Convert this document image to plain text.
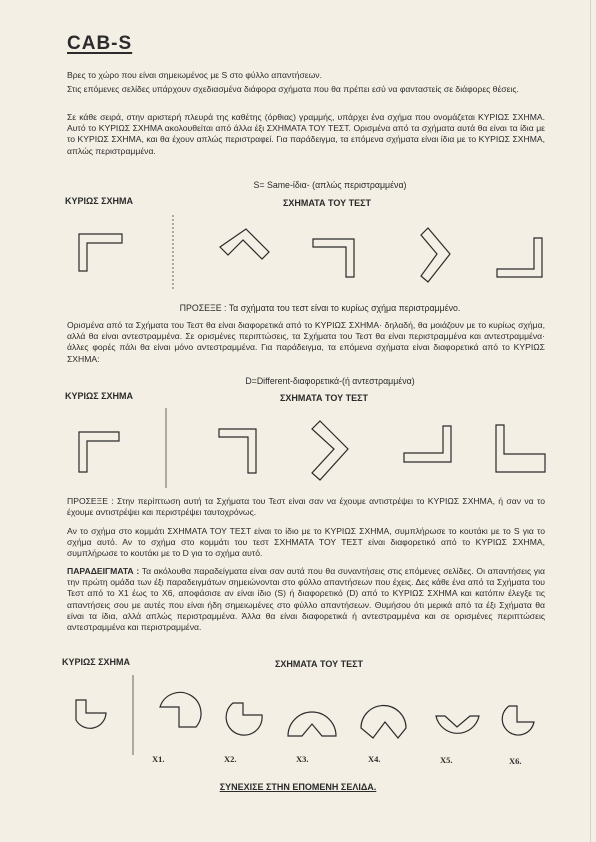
CAB-S
Βρες το χώρο που είναι σημειωμένος με S στο φύλλο απαντήσεων.
Στις επόμενες σελίδες υπάρχουν σχεδιασμένα διάφορα σχήματα που θα πρέπει εσύ να φανταστείς σε διάφορες θέσεις.
Σε κάθε σειρά, στην αριστερή πλευρά της καθέτης (όρθιας) γραμμής, υπάρχει ένα σχήμα που ονομάζεται ΚΥΡΙΩΣ ΣΧΗΜΑ. Αυτό το ΚΥΡΙΩΣ ΣΧΗΜΑ ακολουθείται από άλλα έξι ΣΧΗΜΑΤΑ ΤΟΥ ΤΕΣΤ. Ορισμένα από τα σχήματα αυτά θα είναι τα ίδια με το ΚΥΡΙΩΣ ΣΧΗΜΑ, και θα έχουν απλώς περιστραφεί. Για παράδειγμα, τα επόμενα σχήματα είναι ίδια με το ΚΥΡΙΩΣ ΣΧΗΜΑ, απλώς περιστραμμένα.
S= Same-ίδια- (απλώς περιστραμμένα)
ΚΥΡΙΩΣ ΣΧΗΜΑ	ΣΧΗΜΑΤΑ ΤΟΥ ΤΕΣΤ
ΠΡΟΣΕΞΕ : Τα σχήματα του τεστ είναι το κυρίως σχήμα περιστραμμένο.
Ορισμένα από τα Σχήματα του Τεστ θα είναι διαφορετικά από το ΚΥΡΙΩΣ ΣΧΗΜΑ· δηλαδή, θα μοιάζουν με το κυρίως σχήμα, αλλά θα είναι αντεστραμμένα. Σε ορισμένες περιπτώσεις, τα Σχήματα του Τεστ θα είναι περιστραμμένα και αντεστραμμένα· άλλες φορές πάλι θα είναι μόνο αντεστραμμένα. Για παράδειγμα, τα επόμενα σχήματα είναι διαφορετικά από το ΚΥΡΙΩΣ ΣΧΗΜΑ:
D=Different-διαφορετικά-(ή αντεστραμμένα)
ΚΥΡΙΩΣ ΣΧΗΜΑ	ΣΧΗΜΑΤΑ ΤΟΥ ΤΕΣΤ
ΠΡΟΣΕΞΕ : Στην περίπτωση αυτή τα Σχήματα του Τεστ είναι σαν να έχουμε αντιστρέψει το ΚΥΡΙΩΣ ΣΧΗΜΑ, ή σαν να το έχουμε αντιστρέψει και περιστρέψει ταυτοχρόνως.
Αν το σχήμα στο κομμάτι ΣΧΗΜΑΤΑ ΤΟΥ ΤΕΣΤ είναι το ίδιο με το ΚΥΡΙΩΣ ΣΧΗΜΑ, συμπλήρωσε το κουτάκι με το S για το σχήμα αυτό. Αν το σχήμα στο κομμάτι του τεστ ΣΧΗΜΑΤΑ ΤΟΥ ΤΕΣΤ είναι διαφορετικό από το ΚΥΡΙΩΣ ΣΧΗΜΑ, συμπλήρωσε το κουτάκι με το D για το σχήμα αυτό.
ΠΑΡΑΔΕΙΓΜΑΤΑ : Τα ακόλουθα παραδείγματα είναι σαν αυτά που θα συναντήσεις στις επόμενες σελίδες. Οι απαντήσεις για την πρώτη ομάδα των έξι παραδειγμάτων σημειώνονται στο φύλλο απαντήσεων που έχεις. Δες κάθε ένα από τα Σχήματα του Τεστ από το Χ1 έως το Χ6, αποφάσισε αν είναι ίδιο (S) ή διαφορετικό (D) από το ΚΥΡΙΩΣ ΣΧΗΜΑ και κατόπιν έλεγξε τις απαντήσεις σου με αυτές που είναι ήδη σημειωμένες στο φύλλο απαντήσεων. Θυμήσου ότι μερικά από τα έξι Σχήματα θα είναι τα ίδια, αλλά απλώς περιστραμμένα. Άλλα θα είναι διαφορετικά ή αντεστραμμένα και σε ορισμένες περιπτώσεις αντεστραμμένα και περιστραμμένα.
ΚΥΡΙΩΣ ΣΧΗΜΑ	ΣΧΗΜΑΤΑ ΤΟΥ ΤΕΣΤ
X1.	X2.	X3.	X4.	X5.	X6.
ΣΥΝΕΧΙΣΕ ΣΤΗΝ ΕΠΟΜΕΝΗ ΣΕΛΙΔΑ.
